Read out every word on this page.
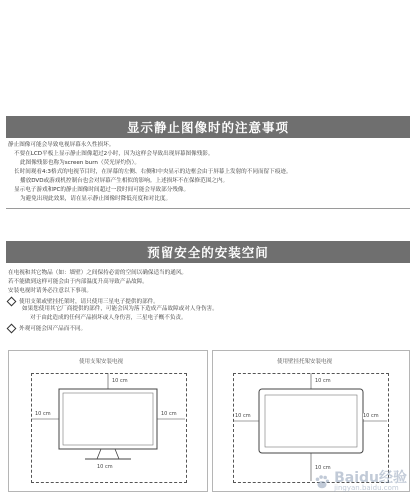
显示静止图像时的注意事项
静止图像可能会导致电视屏幕永久性损坏。
不要在LCD平板上显示静止图像超过2小时，因为这样会导致出现屏幕图像残影。
此图像残影也称为screen burn（荧光屏灼伤）。
长时间观看4:3格式的电视节目时，在屏幕的左侧、右侧和中央显示的边框会由于屏幕上发射的不同而留下痕迹。
播放DVD或游戏机控制台也会对屏幕产生相似的影响。上述损坏不在保修范围之内。
显示电子游戏和PC的静止图像时间超过一段时间可能会导致部分残像。
为避免出现此效果，请在显示静止图像时降低亮度和对比度。
预留安全的安装空间
在电视和其它物品（如：墙壁）之间保持必需的空间以确保适当的通风。
若不能做到这样可能会由于内部温度升高导致产品故障。
安装电视时请务必注意以下事项。
使用支架或壁挂托架时，请只使用三星电子提供的部件。
如果您使用其它厂商提供的部件，可能会因为落下造成产品故障或对人身伤害。
对于由此造成的任何产品损坏或人身伤害，三星电子概不负责。
外观可能会因产品而不同。
使用支架安装电视
10 cm
10 cm	10 cm
10 cm
使用壁挂托架安装电视
10 cm
10 cm	10 cm
10 cm
Baidu经验
jingyan.baidu.com
